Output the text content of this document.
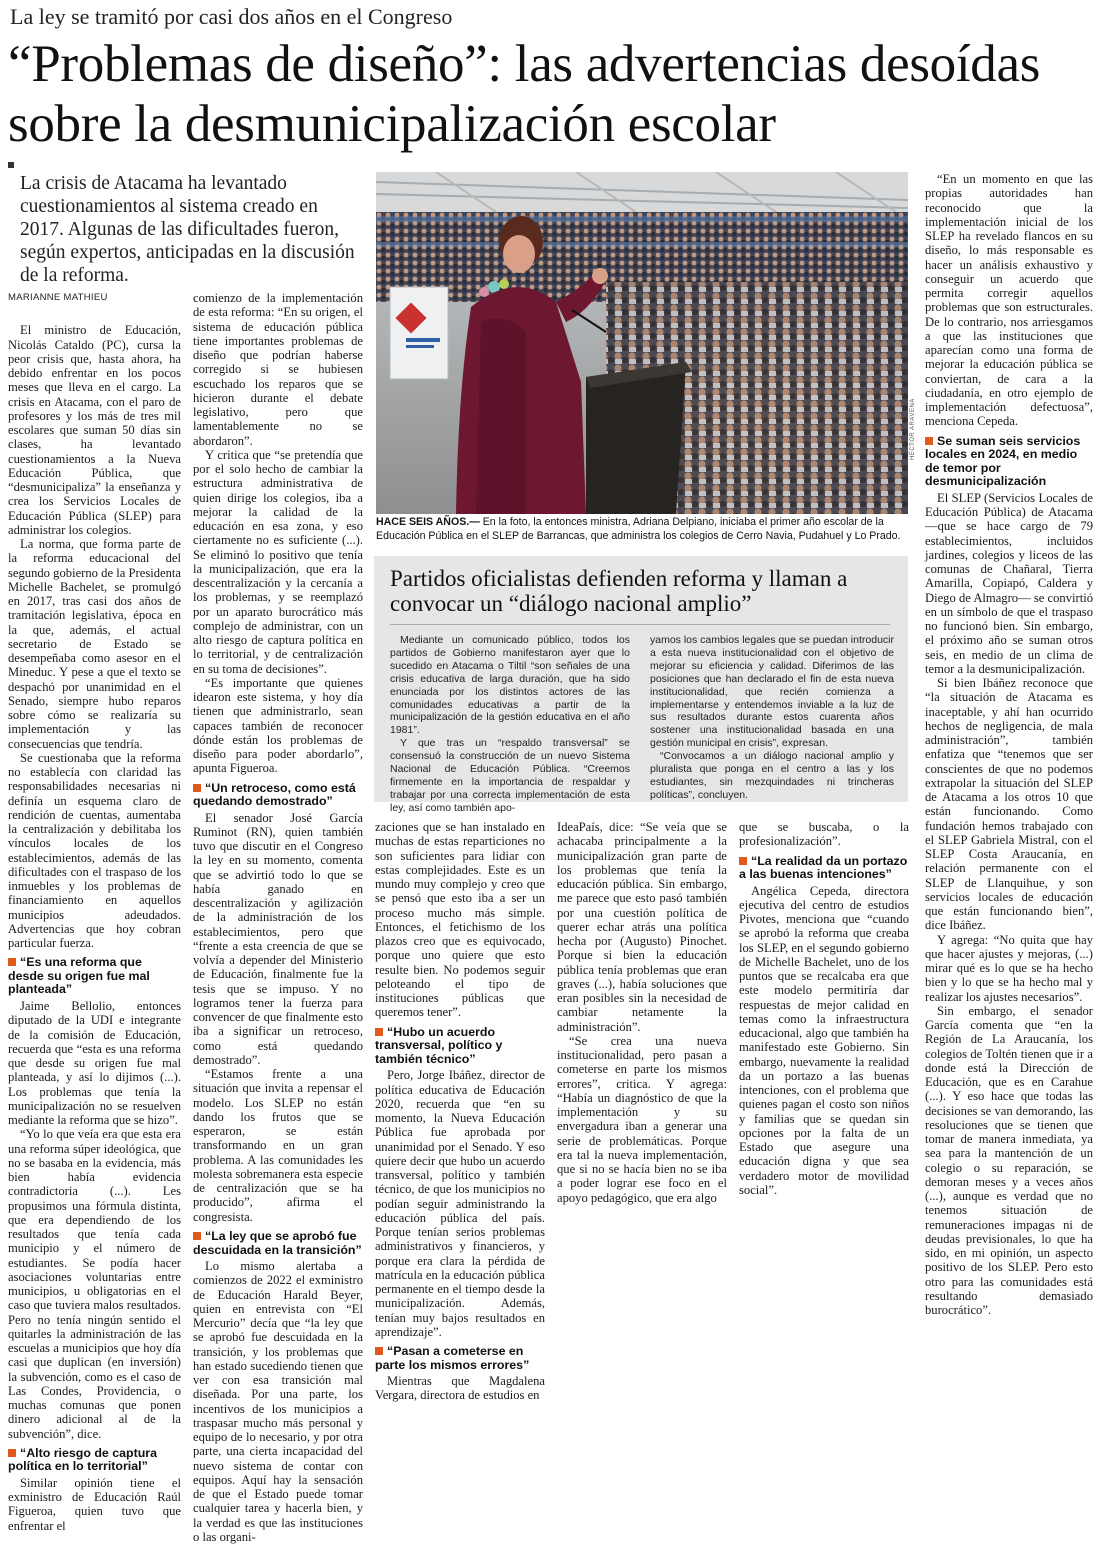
La ley se tramitó por casi dos años en el Congreso
“Problemas de diseño”: las advertencias desoídas sobre la desmunicipalización escolar
La crisis de Atacama ha levantado cuestionamientos al sistema creado en 2017. Algunas de las dificultades fueron, según expertos, anticipadas en la discusión de la reforma.

MARIANNE MATHIEU

El ministro de Educación, Nicolás Cataldo (PC), cursa la peor crisis que, hasta ahora, ha debido enfrentar en los pocos meses que lleva en el cargo. La crisis en Atacama, con el paro de profesores y los más de tres mil escolares que suman 50 días sin clases, ha levantado cuestionamientos a la Nueva Educación Pública, que “desmunicipaliza” la enseñanza y crea los Servicios Locales de Educación Pública (SLEP) para administrar los colegios.

La norma, que forma parte de la reforma educacional del segundo gobierno de la Presidenta Michelle Bachelet, se promulgó en 2017, tras casi dos años de tramitación legislativa, época en la que, además, el actual secretario de Estado se desempeñaba como asesor en el Mineduc. Y pese a que el texto se despachó por unanimidad en el Senado, siempre hubo reparos sobre cómo se realizaría su implementación y las consecuencias que tendría.

Se cuestionaba que la reforma no establecía con claridad las responsabilidades necesarias ni definía un esquema claro de rendición de cuentas, aumentaba la centralización y debilitaba los vínculos locales de los establecimientos, además de las dificultades con el traspaso de los inmuebles y los problemas de financiamiento en aquellos municipios adeudados. Advertencias que hoy cobran particular fuerza.

“Es una reforma que desde su origen fue mal planteada”

Jaime Bellolio, entonces diputado de la UDI e integrante de la comisión de Educación, recuerda que “esta es una reforma que desde su origen fue mal planteada, y así lo dijimos (...). Los problemas que tenía la municipalización no se resuelven mediante la reforma que se hizo”.

“Yo lo que veía era que esta era una reforma súper ideológica, que no se basaba en la evidencia, más bien había evidencia contradictoria (...). Les propusimos una fórmula distinta, que era dependiendo de los resultados que tenía cada municipio y el número de estudiantes. Se podía hacer asociaciones voluntarias entre municipios, u obligatorias en el caso que tuviera malos resultados. Pero no tenía ningún sentido el quitarles la administración de las escuelas a municipios que hoy día casi que duplican (en inversión) la subvención, como es el caso de Las Condes, Providencia, o muchas comunas que ponen dinero adicional al de la subvención”, dice.

“Alto riesgo de captura política en lo territorial”

Similar opinión tiene el exministro de Educación Raúl Figueroa, quien tuvo que enfrentar el

comienzo de la implementación de esta reforma: “En su origen, el sistema de educación pública tiene importantes problemas de diseño que podrían haberse corregido si se hubiesen escuchado los reparos que se hicieron durante el debate legislativo, pero que lamentablemente no se abordaron”.

Y critica que “se pretendía que por el solo hecho de cambiar la estructura administrativa de quien dirige los colegios, iba a mejorar la calidad de la educación en esa zona, y eso ciertamente no es suficiente (...). Se eliminó lo positivo que tenía la municipalización, que era la descentralización y la cercanía a los problemas, y se reemplazó por un aparato burocrático más complejo de administrar, con un alto riesgo de captura política en lo territorial, y de centralización en su toma de decisiones”.

“Es importante que quienes idearon este sistema, y hoy día tienen que administrarlo, sean capaces también de reconocer dónde están los problemas de diseño para poder abordarlo”, apunta Figueroa.

“Un retroceso, como está quedando demostrado”

El senador José García Ruminot (RN), quien también tuvo que discutir en el Congreso la ley en su momento, comenta que se advirtió todo lo que se había ganado en descentralización y agilización de la administración de los establecimientos, pero que “frente a esta creencia de que se volvía a depender del Ministerio de Educación, finalmente fue la tesis que se impuso. Y no logramos tener la fuerza para convencer de que finalmente esto iba a significar un retroceso, como está quedando demostrado”.

“Estamos frente a una situación que invita a repensar el modelo. Los SLEP no están dando los frutos que se esperaron, se están transformando en un gran problema. A las comunidades les molesta sobremanera esta especie de centralización que se ha producido”, afirma el congresista.

“La ley que se aprobó fue descuidada en la transición”

Lo mismo alertaba a comienzos de 2022 el exministro de Educación Harald Beyer, quien en entrevista con “El Mercurio” decía que “la ley que se aprobó fue descuidada en la transición, y los problemas que han estado sucediendo tienen que ver con esa transición mal diseñada. Por una parte, los incentivos de los municipios a traspasar mucho más personal y equipo de lo necesario, y por otra parte, una cierta incapacidad del nuevo sistema de contar con equipos. Aquí hay la sensación de que el Estado puede tomar cualquier tarea y hacerla bien, y la verdad es que las instituciones o las organi-

HÉCTOR ARAVENA
HACE SEIS AÑOS.— En la foto, la entonces ministra, Adriana Delpiano, iniciaba el primer año escolar de la Educación Pública en el SLEP de Barrancas, que administra los colegios de Cerro Navia, Pudahuel y Lo Prado.
Partidos oficialistas defienden reforma y llaman a convocar un “diálogo nacional amplio”

Mediante un comunicado público, todos los partidos de Gobierno manifestaron ayer que lo sucedido en Atacama o Tiltil “son señales de una crisis educativa de larga duración, que ha sido enunciada por los distintos actores de las comunidades educativas a partir de la municipalización de la gestión educativa en el año 1981”.

Y que tras un “respaldo transversal” se consensuó la construcción de un nuevo Sistema Nacional de Educación Pública. “Creemos firmemente en la importancia de respaldar y trabajar por una correcta implementación de esta ley, así como también apo-

yamos los cambios legales que se puedan introducir a esta nueva institucionalidad con el objetivo de mejorar su eficiencia y calidad. Diferimos de las posiciones que han declarado el fin de esta nueva institucionalidad, que recién comienza a implementarse y entendemos inviable a la luz de sus resultados durante estos cuarenta años sostener una institucionalidad basada en una gestión municipal en crisis”, expresan.

“Convocamos a un diálogo nacional amplio y pluralista que ponga en el centro a las y los estudiantes, sin mezquindades ni trincheras políticas”, concluyen.

zaciones que se han instalado en muchas de estas reparticiones no son suficientes para lidiar con estas complejidades. Este es un mundo muy complejo y creo que se pensó que esto iba a ser un proceso mucho más simple. Entonces, el fetichismo de los plazos creo que es equivocado, porque uno quiere que esto resulte bien. No podemos seguir peloteando el tipo de instituciones públicas que queremos tener”.

“Hubo un acuerdo transversal, político y también técnico”

Pero, Jorge Ibáñez, director de política educativa de Educación 2020, recuerda que “en su momento, la Nueva Educación Pública fue aprobada por unanimidad por el Senado. Y eso quiere decir que hubo un acuerdo transversal, político y también técnico, de que los municipios no podían seguir administrando la educación pública del país. Porque tenían serios problemas administrativos y financieros, y porque era clara la pérdida de matrícula en la educación pública permanente en el tiempo desde la municipalización. Además, tenían muy bajos resultados en aprendizaje”.

“Pasan a cometerse en parte los mismos errores”

Mientras que Magdalena Vergara, directora de estudios en

IdeaPaís, dice: “Se veía que se achacaba principalmente a la municipalización gran parte de los problemas que tenía la educación pública. Sin embargo, me parece que esto pasó también por una cuestión política de querer echar atrás una política hecha por (Augusto) Pinochet. Porque si bien la educación pública tenía problemas que eran graves (...), había soluciones que eran posibles sin la necesidad de cambiar netamente la administración”.

“Se crea una nueva institucionalidad, pero pasan a cometerse en parte los mismos errores”, critica. Y agrega: “Había un diagnóstico de que la implementación y su envergadura iban a generar una serie de problemáticas. Porque era tal la nueva implementación, que si no se hacía bien no se iba a poder lograr ese foco en el apoyo pedagógico, que era algo

que se buscaba, o la profesionalización”.

“La realidad da un portazo a las buenas intenciones”

Angélica Cepeda, directora ejecutiva del centro de estudios Pivotes, menciona que “cuando se aprobó la reforma que creaba los SLEP, en el segundo gobierno de Michelle Bachelet, uno de los puntos que se recalcaba era que este modelo permitiría dar respuestas de mejor calidad en temas como la infraestructura educacional, algo que también ha manifestado este Gobierno. Sin embargo, nuevamente la realidad da un portazo a las buenas intenciones, con el problema que quienes pagan el costo son niños y familias que se quedan sin opciones por la falta de un Estado que asegure una educación digna y que sea verdadero motor de movilidad social”.

“En un momento en que las propias autoridades han reconocido que la implementación inicial de los SLEP ha revelado flancos en su diseño, lo más responsable es hacer un análisis exhaustivo y conseguir un acuerdo que permita corregir aquellos problemas que son estructurales. De lo contrario, nos arriesgamos a que las instituciones que aparecían como una forma de mejorar la educación pública se conviertan, de cara a la ciudadanía, en otro ejemplo de implementación defectuosa”, menciona Cepeda.

Se suman seis servicios locales en 2024, en medio de temor por desmunicipalización

El SLEP (Servicios Locales de Educación Pública) de Atacama —que se hace cargo de 79 establecimientos, incluidos jardines, colegios y liceos de las comunas de Chañaral, Tierra Amarilla, Copiapó, Caldera y Diego de Almagro— se convirtió en un símbolo de que el traspaso no funcionó bien. Sin embargo, el próximo año se suman otros seis, en medio de un clima de temor a la desmunicipalización.

Si bien Ibáñez reconoce que “la situación de Atacama es inaceptable, y ahí han ocurrido hechos de negligencia, de mala administración”, también enfatiza que “tenemos que ser conscientes de que no podemos extrapolar la situación del SLEP de Atacama a los otros 10 que están funcionando. Como fundación hemos trabajado con el SLEP Gabriela Mistral, con el SLEP Costa Araucanía, en relación permanente con el SLEP de Llanquihue, y son servicios locales de educación que están funcionando bien”, dice Ibáñez.

Y agrega: “No quita que hay que hacer ajustes y mejoras, (...) mirar qué es lo que se ha hecho bien y lo que se ha hecho mal y realizar los ajustes necesarios”.

Sin embargo, el senador García comenta que “en la Región de La Araucanía, los colegios de Toltén tienen que ir a donde está la Dirección de Educación, que es en Carahue (...). Y eso hace que todas las decisiones se van demorando, las resoluciones que se tienen que tomar de manera inmediata, ya sea para la mantención de un colegio o su reparación, se demoran meses y a veces años (...), aunque es verdad que no tenemos situación de remuneraciones impagas ni de deudas previsionales, lo que ha sido, en mi opinión, un aspecto positivo de los SLEP. Pero esto otro para las comunidades está resultando demasiado burocrático”.
